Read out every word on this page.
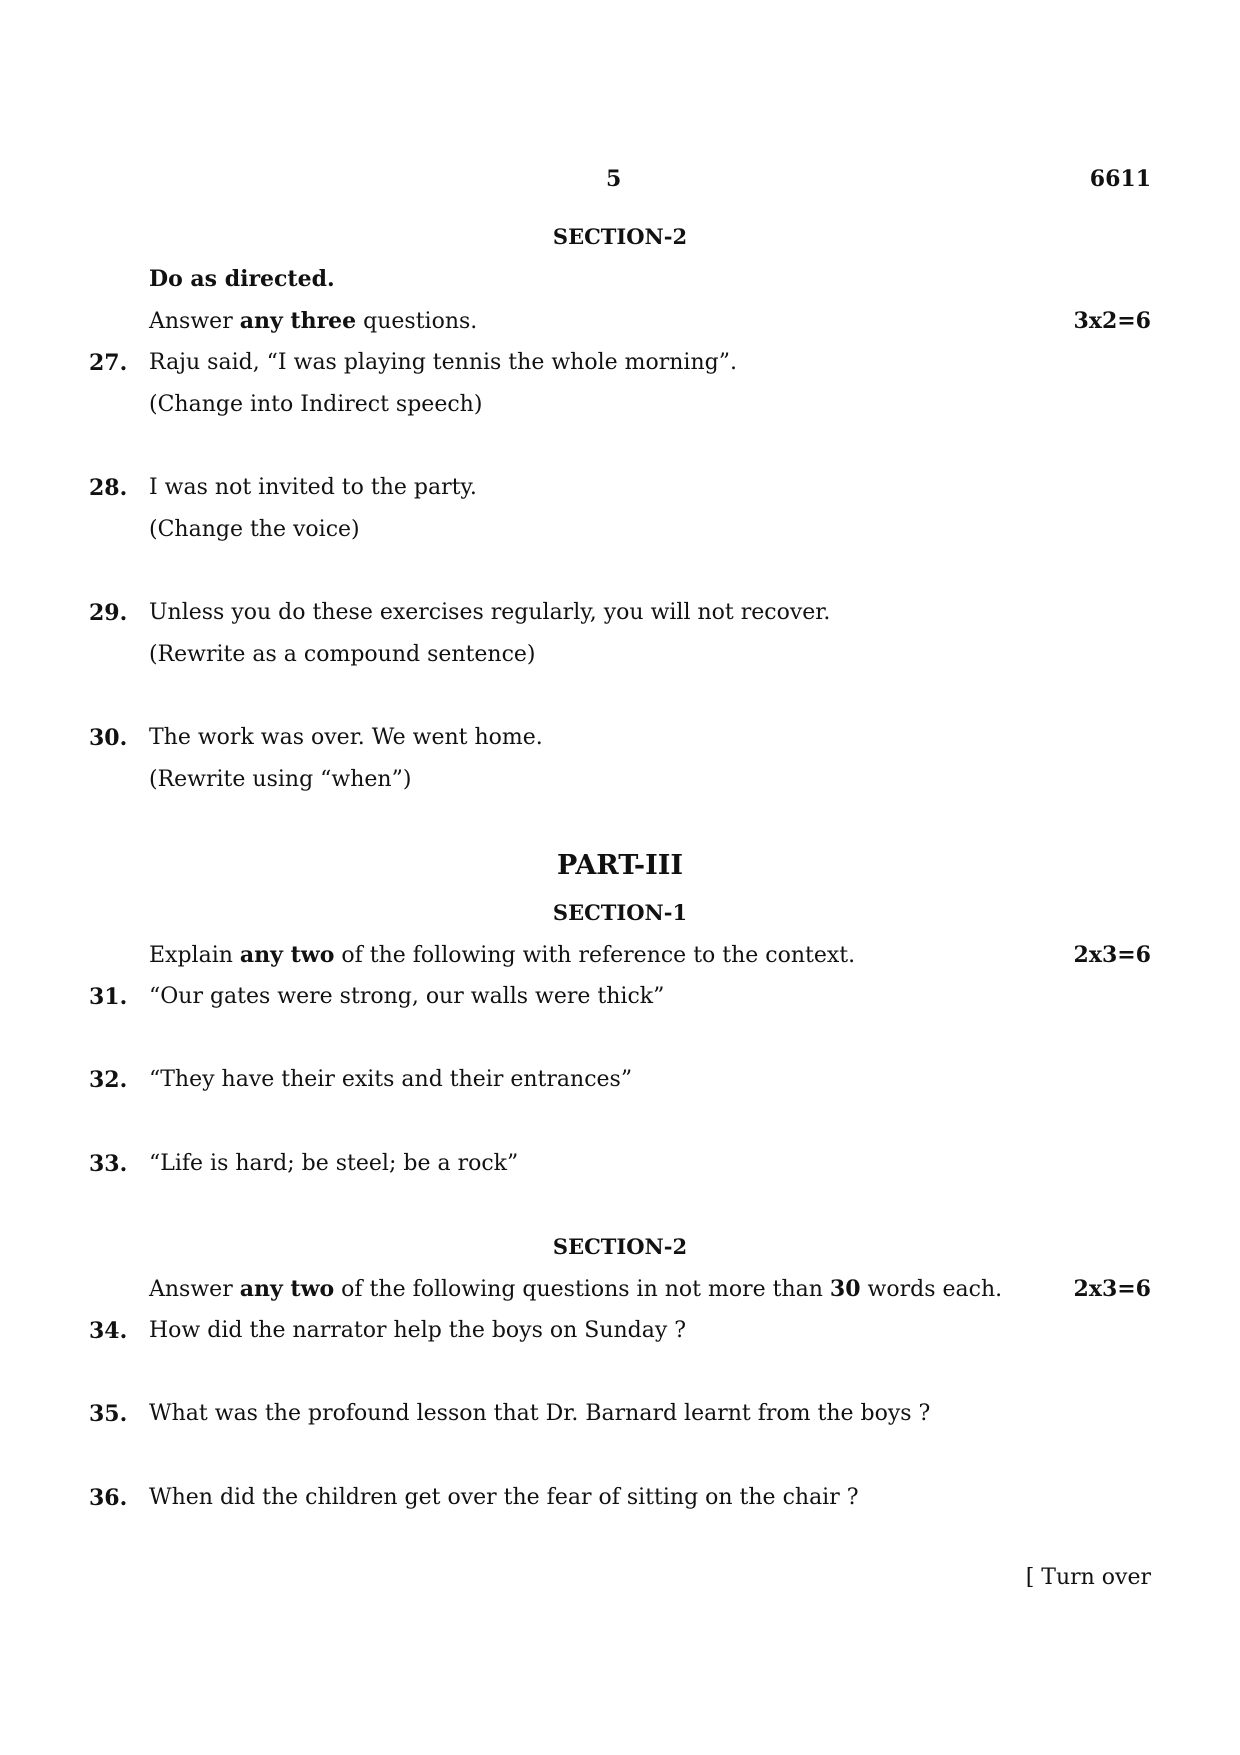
5	6611
SECTION-2
Do as directed.
Answer any three questions.	3x2=6
27. Raju said, “I was playing tennis the whole morning”.
(Change into Indirect speech)
28. I was not invited to the party.
(Change the voice)
29. Unless you do these exercises regularly, you will not recover.
(Rewrite as a compound sentence)
30. The work was over. We went home.
(Rewrite using “when”)
PART-III
SECTION-1
Explain any two of the following with reference to the context.	2x3=6
31. “Our gates were strong, our walls were thick”
32. “They have their exits and their entrances”
33. “Life is hard; be steel; be a rock”
SECTION-2
Answer any two of the following questions in not more than 30 words each.	2x3=6
34. How did the narrator help the boys on Sunday ?
35. What was the profound lesson that Dr. Barnard learnt from the boys ?
36. When did the children get over the fear of sitting on the chair ?
[ Turn over
